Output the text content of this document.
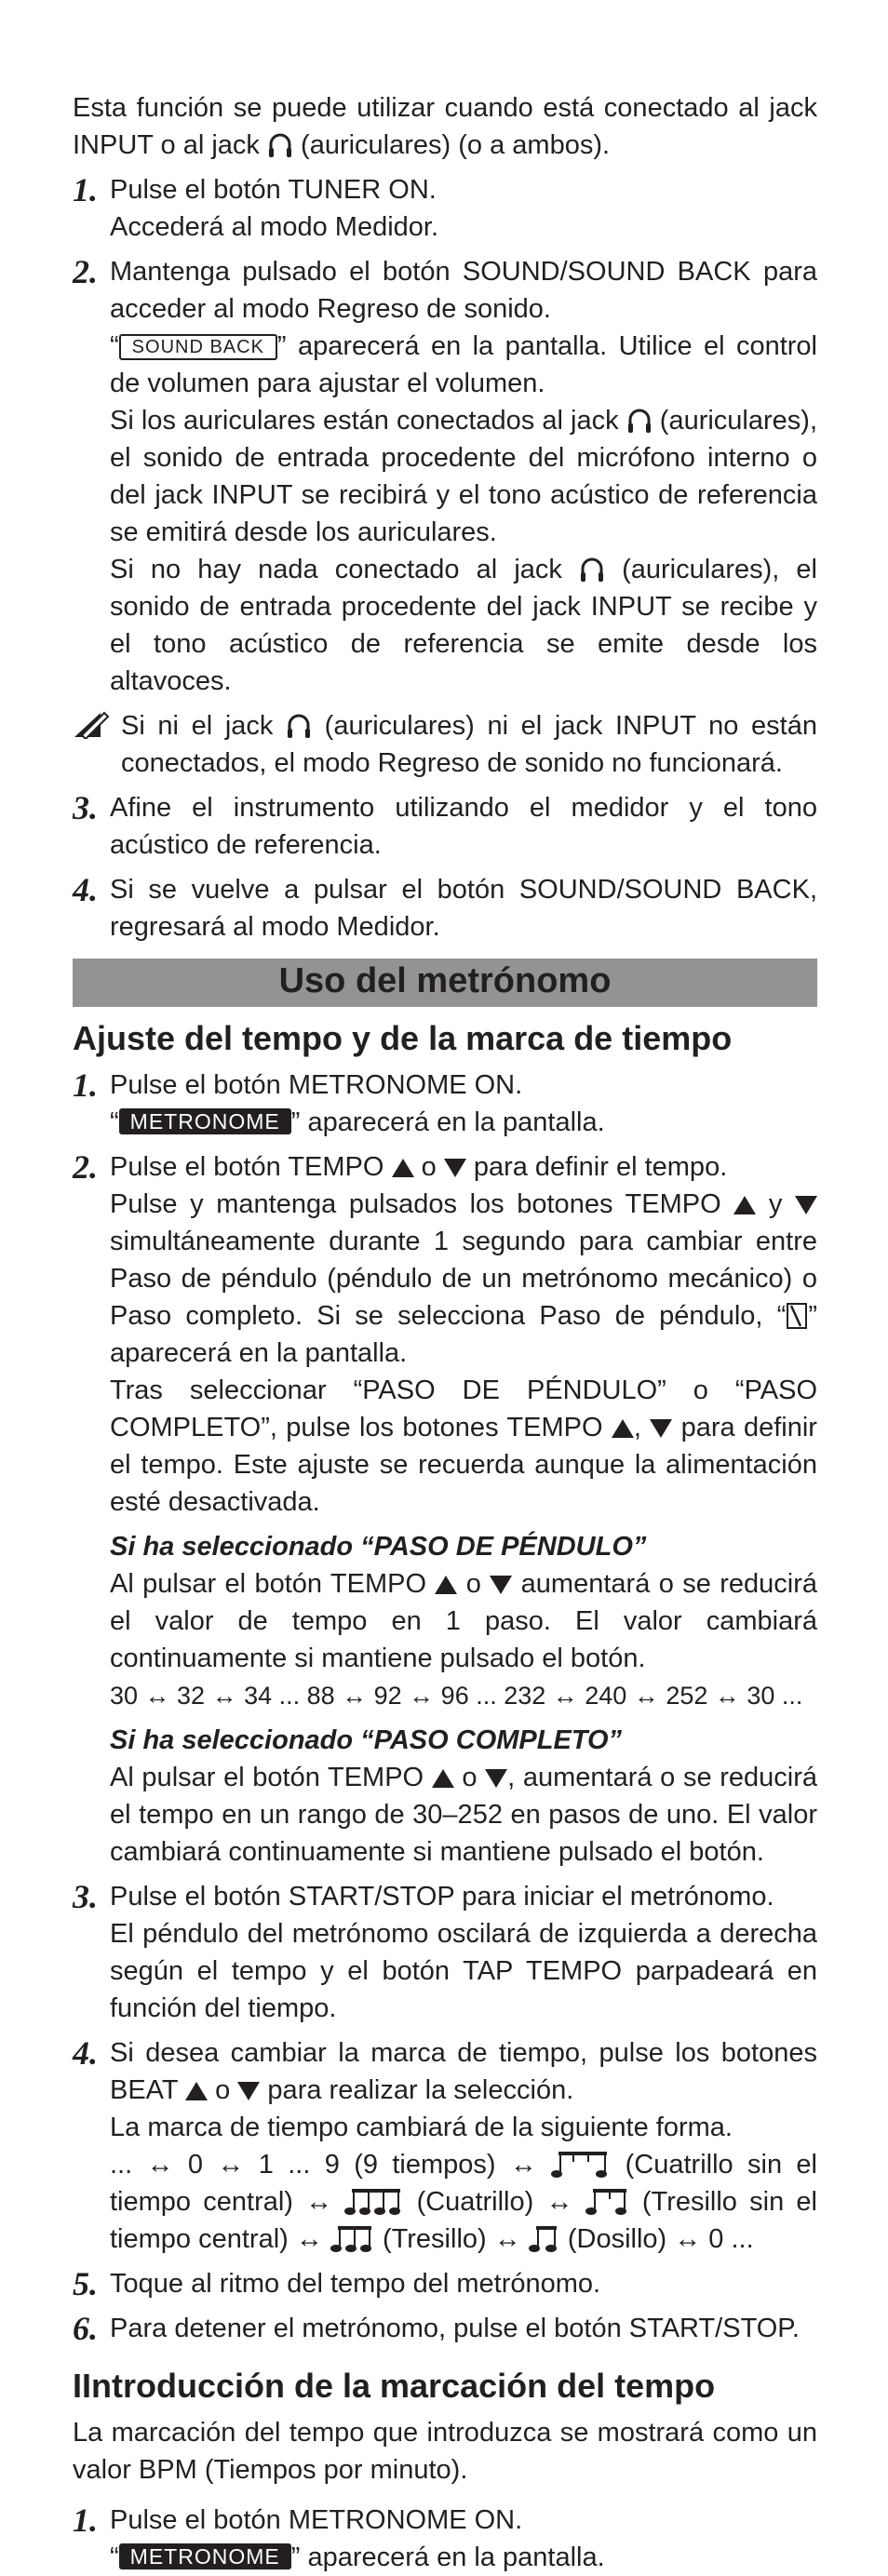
Esta función se puede utilizar cuando está conectado al jack INPUT o al jack  (auriculares) (o a ambos).

1. Pulse el botón TUNER ON.

Accederá al modo Medidor.

2. Mantenga pulsado el botón SOUND/SOUND BACK para acceder al modo Regreso de sonido.

“ SOUND BACK ” aparecerá en la pantalla. Utilice el control de volumen para ajustar el volumen.

Si los auriculares están conectados al jack  (auriculares), el sonido de entrada procedente del micrófono interno o del jack INPUT se recibirá y el tono acústico de referencia se emitirá desde los auriculares.

Si no hay nada conectado al jack  (auriculares), el sonido de entrada procedente del jack INPUT se recibe y el tono acústico de referencia se emite desde los altavoces.

Si ni el jack  (auriculares) ni el jack INPUT no están conectados, el modo Regreso de sonido no funcionará.

3. Afine el instrumento utilizando el medidor y el tono acústico de referencia.

4. Si se vuelve a pulsar el botón SOUND/SOUND BACK, regresará al modo Medidor.

Uso del metrónomo
Ajuste del tempo y de la marca de tiempo
1. Pulse el botón METRONOME ON.

“ METRONOME ” aparecerá en la pantalla.

2. Pulse el botón TEMPO  o  para definir el tempo.

Pulse y mantenga pulsados los botones TEMPO  y  simultáneamente durante 1 segundo para cambiar entre Paso de péndulo (péndulo de un metrónomo mecánico) o Paso completo. Si se selecciona Paso de péndulo, “ ” aparecerá en la pantalla.

Tras seleccionar “PASO DE PÉNDULO” o “PASO COMPLETO”, pulse los botones TEMPO ,  para definir el tempo. Este ajuste se recuerda aunque la alimentación esté desactivada.

Si ha seleccionado “PASO DE PÉNDULO”

Al pulsar el botón TEMPO  o  aumentará o se reducirá el valor de tempo en 1 paso. El valor cambiará continuamente si mantiene pulsado el botón.

30 ↔ 32 ↔ 34 ... 88 ↔ 92 ↔ 96 ... 232 ↔ 240 ↔ 252 ↔ 30 ...

Si ha seleccionado “PASO COMPLETO”

Al pulsar el botón TEMPO  o , aumentará o se reducirá el tempo en un rango de 30–252 en pasos de uno. El valor cambiará continuamente si mantiene pulsado el botón.

3. Pulse el botón START/STOP para iniciar el metrónomo.

El péndulo del metrónomo oscilará de izquierda a derecha según el tempo y el botón TAP TEMPO parpadeará en función del tiempo.

4. Si desea cambiar la marca de tiempo, pulse los botones BEAT  o  para realizar la selección.

La marca de tiempo cambiará de la siguiente forma.

... ↔ 0 ↔ 1 ... 9 (9 tiempos) ↔  (Cuatrillo sin el tiempo central) ↔  (Cuatrillo) ↔  (Tresillo sin el tiempo central) ↔  (Tresillo) ↔  (Dosillo) ↔ 0 ...

5. Toque al ritmo del tempo del metrónomo.

6. Para detener el metrónomo, pulse el botón START/STOP.

IIntroducción de la marcación del tempo

La marcación del tempo que introduzca se mostrará como un valor BPM (Tiempos por minuto).

1. Pulse el botón METRONOME ON.

“ METRONOME ” aparecerá en la pantalla.
